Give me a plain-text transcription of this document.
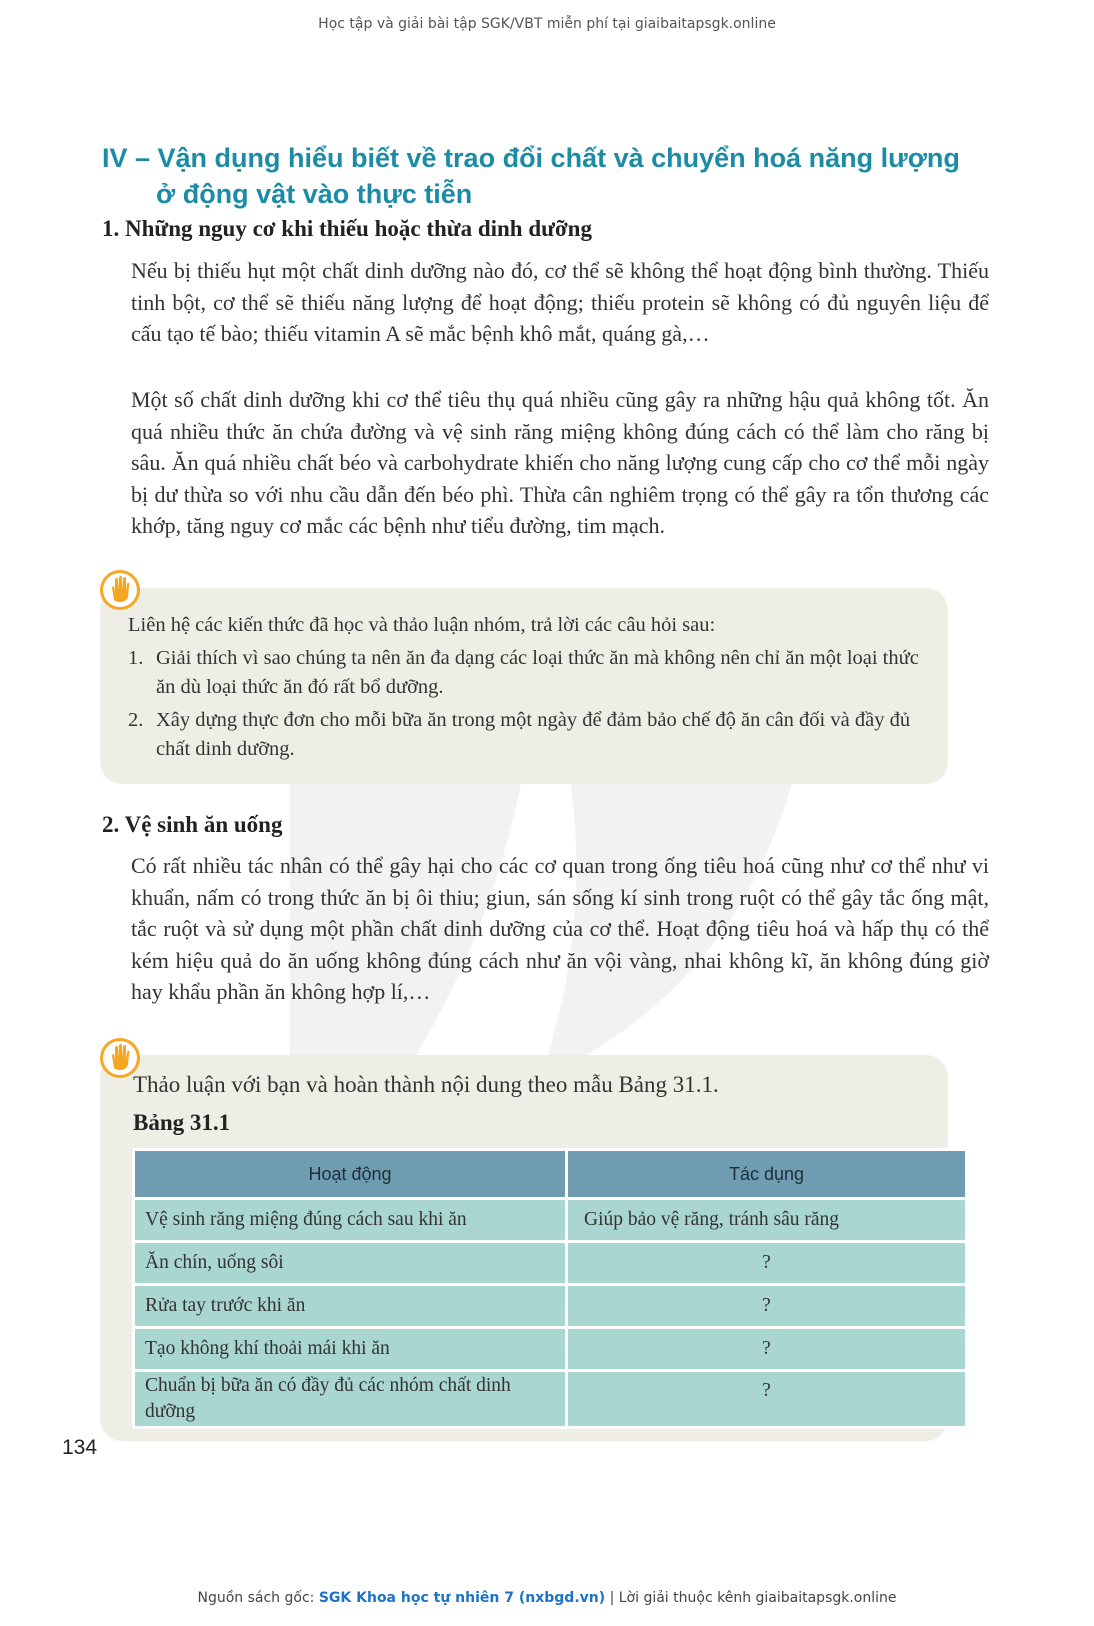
Học tập và giải bài tập SGK/VBT miễn phí tại giaibaitapsgk.online
IV – Vận dụng hiểu biết về trao đổi chất và chuyển hoá năng lượng
ở động vật vào thực tiễn
1. Những nguy cơ khi thiếu hoặc thừa dinh dưỡng
Nếu bị thiếu hụt một chất dinh dưỡng nào đó, cơ thể sẽ không thể hoạt động bình thường. Thiếu tinh bột, cơ thể sẽ thiếu năng lượng để hoạt động; thiếu protein sẽ không có đủ nguyên liệu để cấu tạo tế bào; thiếu vitamin A sẽ mắc bệnh khô mắt, quáng gà,…
Một số chất dinh dưỡng khi cơ thể tiêu thụ quá nhiều cũng gây ra những hậu quả không tốt. Ăn quá nhiều thức ăn chứa đường và vệ sinh răng miệng không đúng cách có thể làm cho răng bị sâu. Ăn quá nhiều chất béo và carbohydrate khiến cho năng lượng cung cấp cho cơ thể mỗi ngày bị dư thừa so với nhu cầu dẫn đến béo phì. Thừa cân nghiêm trọng có thể gây ra tổn thương các khớp, tăng nguy cơ mắc các bệnh như tiểu đường, tim mạch.
Liên hệ các kiến thức đã học và thảo luận nhóm, trả lời các câu hỏi sau:
1. Giải thích vì sao chúng ta nên ăn đa dạng các loại thức ăn mà không nên chỉ ăn một loại thức ăn dù loại thức ăn đó rất bổ dưỡng.
2. Xây dựng thực đơn cho mỗi bữa ăn trong một ngày để đảm bảo chế độ ăn cân đối và đầy đủ chất dinh dưỡng.
2. Vệ sinh ăn uống
Có rất nhiều tác nhân có thể gây hại cho các cơ quan trong ống tiêu hoá cũng như cơ thể như vi khuẩn, nấm có trong thức ăn bị ôi thiu; giun, sán sống kí sinh trong ruột có thể gây tắc ống mật, tắc ruột và sử dụng một phần chất dinh dưỡng của cơ thể. Hoạt động tiêu hoá và hấp thụ có thể kém hiệu quả do ăn uống không đúng cách như ăn vội vàng, nhai không kĩ, ăn không đúng giờ hay khẩu phần ăn không hợp lí,…
Thảo luận với bạn và hoàn thành nội dung theo mẫu Bảng 31.1.
Bảng 31.1
Hoạt động	Tác dụng
Vệ sinh răng miệng đúng cách sau khi ăn	Giúp bảo vệ răng, tránh sâu răng
Ăn chín, uống sôi	?
Rửa tay trước khi ăn	?
Tạo không khí thoải mái khi ăn	?
Chuẩn bị bữa ăn có đầy đủ các nhóm chất dinh dưỡng	?
134
Nguồn sách gốc: SGK Khoa học tự nhiên 7 (nxbgd.vn) | Lời giải thuộc kênh giaibaitapsgk.online
